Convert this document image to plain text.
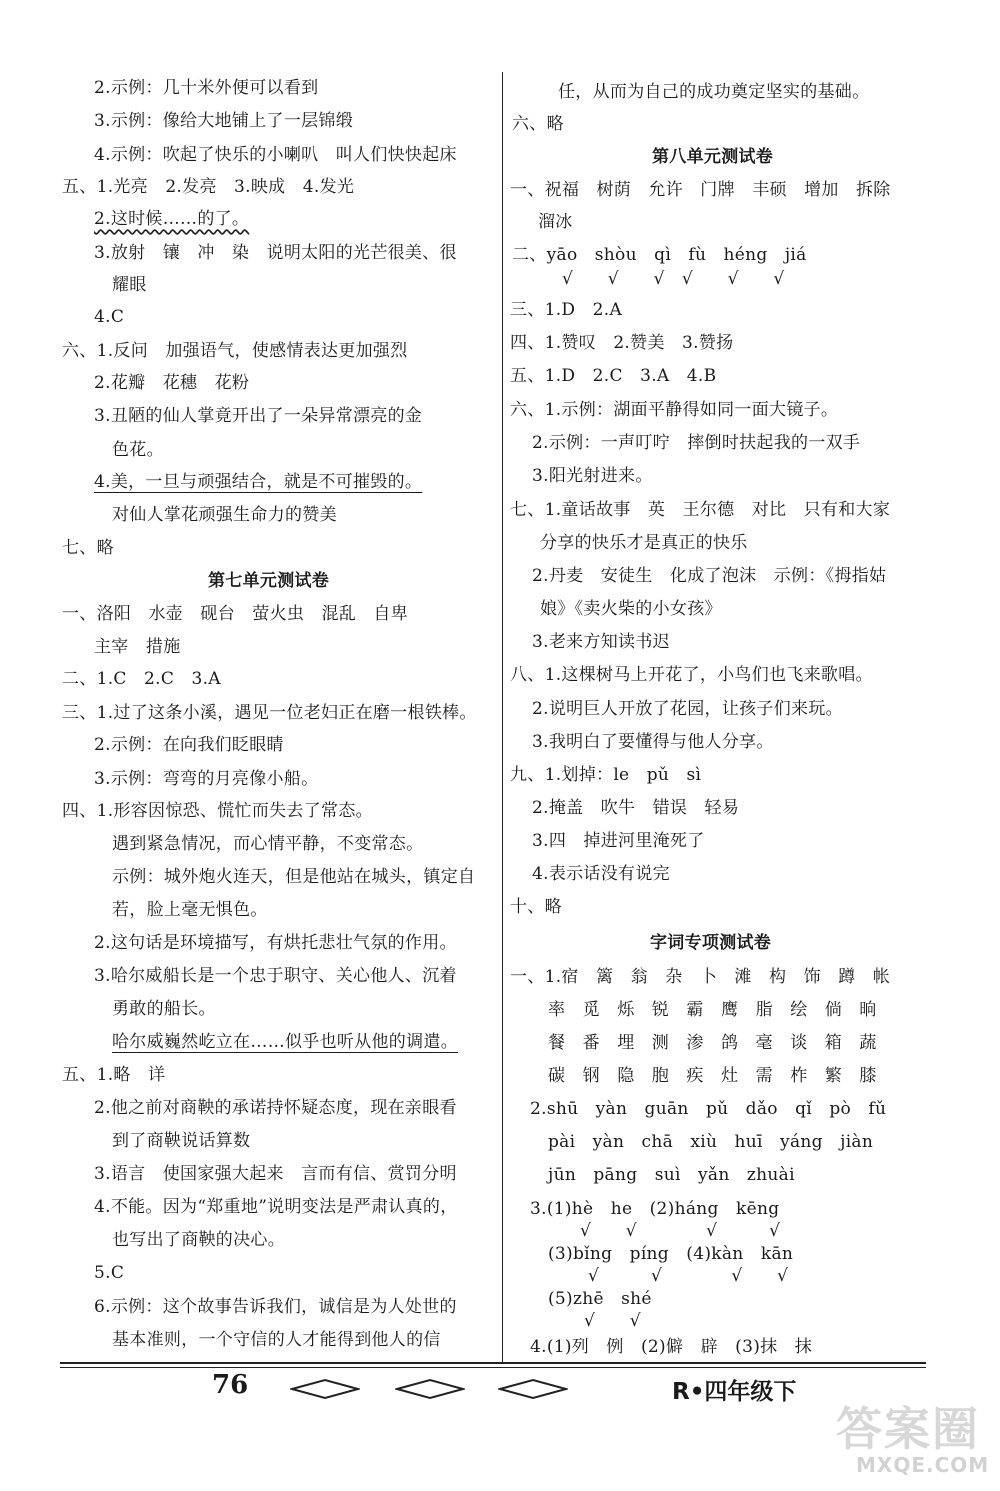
2.示例：几十米外便可以看到
3.示例：像给大地铺上了一层锦缎
4.示例：吹起了快乐的小喇叭　叫人们快快起床
五、1.光亮　2.发亮　3.映成　4.发光
2.这时候……的了。
3.放射　镶　冲　染　说明太阳的光芒很美、很
耀眼
4.C
六、1.反问　加强语气，使感情表达更加强烈
2.花瓣　花穗　花粉
3.丑陋的仙人掌竟开出了一朵异常漂亮的金
色花。
4.美，一旦与顽强结合，就是不可摧毁的。
对仙人掌花顽强生命力的赞美
七、略
第七单元测试卷
一、洛阳　水壶　砚台　萤火虫　混乱　自卑
主宰　措施
二、1.C　2.C　3.A
三、1.过了这条小溪，遇见一位老妇正在磨一根铁棒。
2.示例：在向我们眨眼睛
3.示例：弯弯的月亮像小船。
四、1.形容因惊恐、慌忙而失去了常态。
遇到紧急情况，而心情平静，不变常态。
示例：城外炮火连天，但是他站在城头，镇定自
若，脸上毫无惧色。
2.这句话是环境描写，有烘托悲壮气氛的作用。
3.哈尔威船长是一个忠于职守、关心他人、沉着
勇敢的船长。
哈尔威巍然屹立在……似乎也听从他的调遣。
五、1.略　详
2.他之前对商鞅的承诺持怀疑态度，现在亲眼看
到了商鞅说话算数
3.语言　使国家强大起来　言而有信、赏罚分明
4.不能。因为“郑重地”说明变法是严肃认真的，
也写出了商鞅的决心。
5.C
6.示例：这个故事告诉我们，诚信是为人处世的
基本准则，一个守信的人才能得到他人的信
任，从而为自己的成功奠定坚实的基础。
六、略
第八单元测试卷
一、祝福　树荫　允许　门牌　丰硕　增加　拆除
溜冰
二、yāo　shòu　qì　fù　héng　jiá
√　　√　　√　√　　√　　√
三、1.D　2.A
四、1.赞叹　2.赞美　3.赞扬
五、1.D　2.C　3.A　4.B
六、1.示例：湖面平静得如同一面大镜子。
2.示例：一声叮咛　摔倒时扶起我的一双手
3.阳光射进来。
七、1.童话故事　英　王尔德　对比　只有和大家
分享的快乐才是真正的快乐
2.丹麦　安徒生　化成了泡沫　示例：《拇指姑
娘》《卖火柴的小女孩》
3.老来方知读书迟
八、1.这棵树马上开花了，小鸟们也飞来歌唱。
2.说明巨人开放了花园，让孩子们来玩。
3.我明白了要懂得与他人分享。
九、1.划掉：le　pǔ　sì
2.掩盖　吹牛　错误　轻易
3.四　掉进河里淹死了
4.表示话没有说完
十、略
字词专项测试卷
一、1.宿　篱　翁　杂　卜　滩　构　饰　蹲　帐
率　觅　烁　锐　霸　鹰　脂　绘　倘　晌
餐　番　埋　测　渗　鸽　毫　谈　箱　蔬
碳　钢　隐　胞　疾　灶　需　柞　繁　膝
2.shū　yàn　guān　pǔ　dǎo　qǐ　pò　fǔ
pài　yàn　chā　xiù　huī　yáng　jiàn
jūn　pāng　suì　yǎn　zhuài
3.(1)hè　he　(2)háng　kēng
√　　√　　　　√　　　√
(3)bǐng　píng　(4)kàn　kān
√　　　√　　　　√　　√
(5)zhē　shé
√　　√
4.(1)列　例　(2)僻　辟　(3)抹　抹
76	R•四年级下
答案圈
MXQE.COM
